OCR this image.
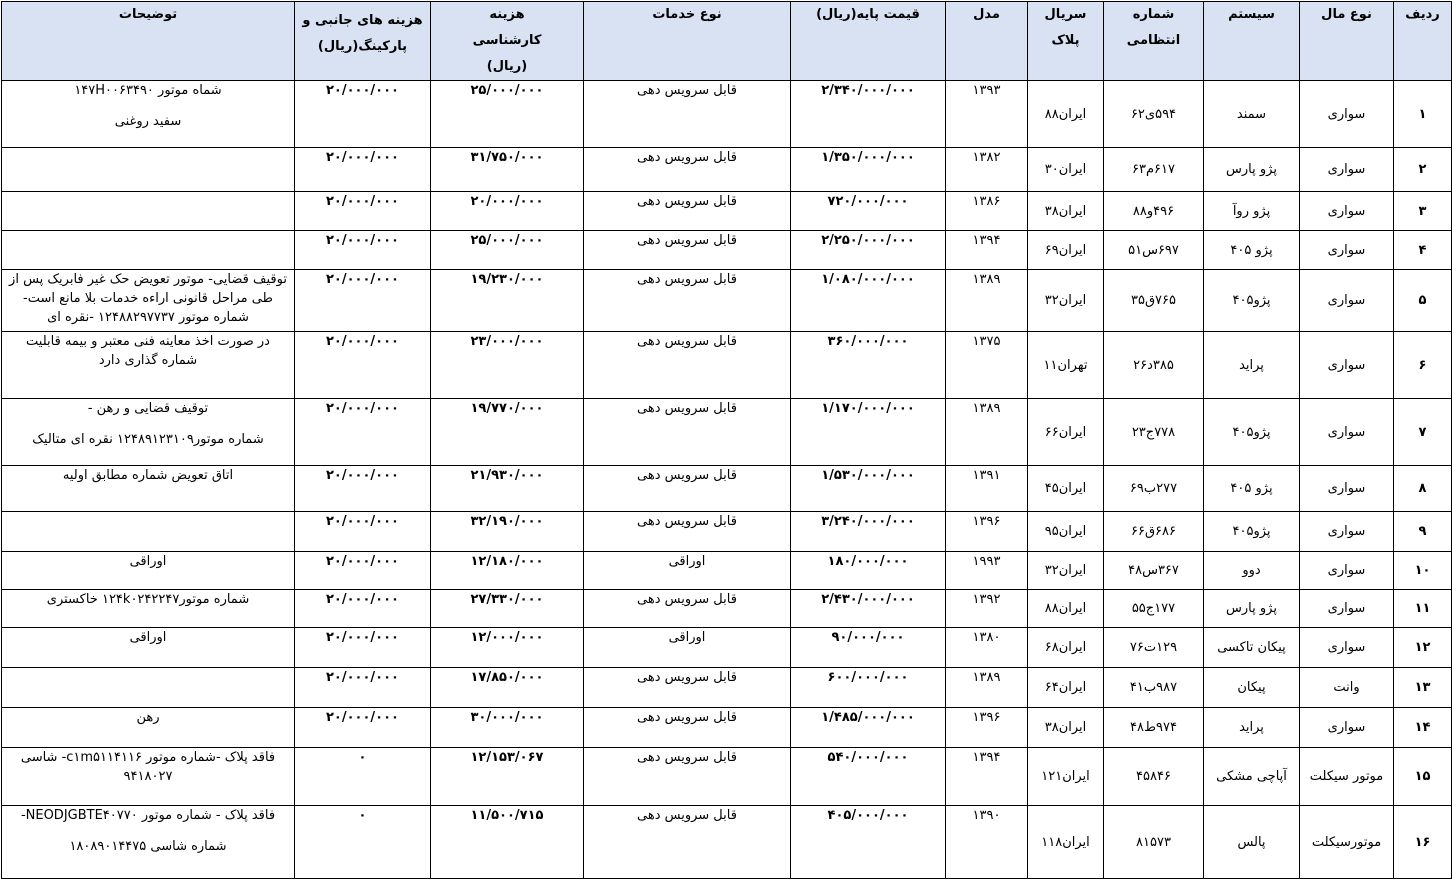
ردیف	نوع مال	سیستم	شماره انتظامی	سریال پلاک	مدل	قیمت پایه(ریال)	نوع خدمات	هزینه کارشناسی (ریال)	هزینه های جانبی و پارکینگ(ریال)	توضیحات
۱	سواری	سمند	۵۹۴ی۶۲	ایران۸۸	۱۳۹۳	۲/۳۴۰/۰۰۰/۰۰۰	قابل سرویس دهی	۲۵/۰۰۰/۰۰۰	۲۰/۰۰۰/۰۰۰	شماه موتور ۱۴۷H۰۰۶۳۴۹۰
سفید روغنی

۲	سواری	پژو پارس	۶۱۷م۶۳	ایران۳۰	۱۳۸۲	۱/۳۵۰/۰۰۰/۰۰۰	قابل سرویس دهی	۳۱/۷۵۰/۰۰۰	۲۰/۰۰۰/۰۰۰	

۳	سواری	پژو روآ	۴۹۶و۸۸	ایران۳۸	۱۳۸۶	۷۲۰/۰۰۰/۰۰۰	قابل سرویس دهی	۲۰/۰۰۰/۰۰۰	۲۰/۰۰۰/۰۰۰	

۴	سواری	پژو ۴۰۵	۶۹۷س۵۱	ایران۶۹	۱۳۹۴	۲/۲۵۰/۰۰۰/۰۰۰	قابل سرویس دهی	۲۵/۰۰۰/۰۰۰	۲۰/۰۰۰/۰۰۰	

۵	سواری	پژو۴۰۵	۷۶۵ق۳۵	ایران۳۲	۱۳۸۹	۱/۰۸۰/۰۰۰/۰۰۰	قابل سرویس دهی	۱۹/۲۳۰/۰۰۰	۲۰/۰۰۰/۰۰۰	توقیف قضایی- موتور تعویض حک غیر فابریک پس از طی مراحل قانونی اراءه خدمات بلا مانع است-شماره موتور ۱۲۴۸۸۲۹۷۷۳۷ -نقره ای

۶	سواری	پراید	۳۸۵د۲۶	تهران۱۱	۱۳۷۵	۳۶۰/۰۰۰/۰۰۰	قابل سرویس دهی	۲۳/۰۰۰/۰۰۰	۲۰/۰۰۰/۰۰۰	در صورت اخذ معاینه فنی معتبر و بیمه قابلیت شماره گذاری دارد

۷	سواری	پژو۴۰۵	۷۷۸ج۲۳	ایران۶۶	۱۳۸۹	۱/۱۷۰/۰۰۰/۰۰۰	قابل سرویس دهی	۱۹/۷۷۰/۰۰۰	۲۰/۰۰۰/۰۰۰	توقیف قضایی و رهن -
شماره موتور۱۲۴۸۹۱۲۳۱۰۹ نقره ای متالیک

۸	سواری	پژو ۴۰۵	۲۷۷ب۶۹	ایران۴۵	۱۳۹۱	۱/۵۳۰/۰۰۰/۰۰۰	قابل سرویس دهی	۲۱/۹۳۰/۰۰۰	۲۰/۰۰۰/۰۰۰	اتاق تعویض شماره مطابق اولیه

۹	سواری	پژو۴۰۵	۶۸۶ق۶۶	ایران۹۵	۱۳۹۶	۳/۲۴۰/۰۰۰/۰۰۰	قابل سرویس دهی	۳۲/۱۹۰/۰۰۰	۲۰/۰۰۰/۰۰۰	

۱۰	سواری	دوو	۳۶۷س۴۸	ایران۳۲	۱۹۹۳	۱۸۰/۰۰۰/۰۰۰	اوراقی	۱۲/۱۸۰/۰۰۰	۲۰/۰۰۰/۰۰۰	اوراقی

۱۱	سواری	پژو پارس	۱۷۷ج۵۵	ایران۸۸	۱۳۹۲	۲/۴۳۰/۰۰۰/۰۰۰	قابل سرویس دهی	۲۷/۳۳۰/۰۰۰	۲۰/۰۰۰/۰۰۰	شماره موتور۱۲۴k۰۲۴۲۲۴۷ خاکستری

۱۲	سواری	پیکان تاکسی	۱۲۹ت۷۶	ایران۶۸	۱۳۸۰	۹۰/۰۰۰/۰۰۰	اوراقی	۱۲/۰۰۰/۰۰۰	۲۰/۰۰۰/۰۰۰	اوراقی

۱۳	وانت	پیکان	۹۸۷ب۴۱	ایران۶۴	۱۳۸۹	۶۰۰/۰۰۰/۰۰۰	قابل سرویس دهی	۱۷/۸۵۰/۰۰۰	۲۰/۰۰۰/۰۰۰	

۱۴	سواری	پراید	۹۷۴ط۴۸	ایران۳۸	۱۳۹۶	۱/۴۸۵/۰۰۰/۰۰۰	قابل سرویس دهی	۳۰/۰۰۰/۰۰۰	۲۰/۰۰۰/۰۰۰	رهن

۱۵	موتور سیکلت	آپاچی مشکی	۴۵۸۴۶	ایران۱۲۱	۱۳۹۴	۵۴۰/۰۰۰/۰۰۰	قابل سرویس دهی	۱۲/۱۵۳/۰۶۷	۰	فاقد پلاک -شماره موتور c۱m۵۱۱۴۱۱۶- شاسی ۹۴۱۸۰۲۷

۱۶	موتورسیکلت	پالس	۸۱۵۷۳	ایران۱۱۸	۱۳۹۰	۴۰۵/۰۰۰/۰۰۰	قابل سرویس دهی	۱۱/۵۰۰/۷۱۵	۰	فاقد پلاک - شماره موتور NEODJGBTE۴۰۷۷۰-
شماره شاسی ۱۸۰۸۹۰۱۴۴۷۵
